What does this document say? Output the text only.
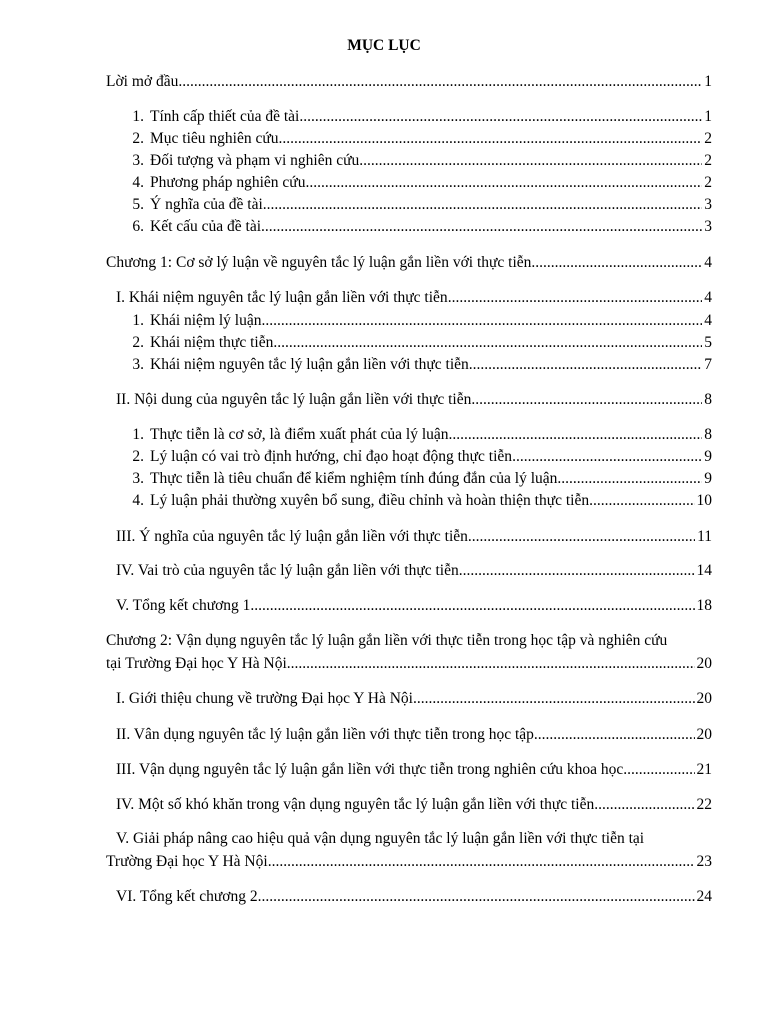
MỤC LỤC
Lời mở đầu .....	1
1. Tính cấp thiết của đề tài .....	1
2. Mục tiêu nghiên cứu .....	2
3. Đối tượng và phạm vi nghiên cứu .....	2
4. Phương pháp nghiên cứu .....	2
5. Ý nghĩa của đề tài .....	3
6. Kết cấu của đề tài .....	3
Chương 1: Cơ sở lý luận về nguyên tắc lý luận gắn liền với thực tiễn .....	4
I. Khái niệm nguyên tắc lý luận gắn liền với thực tiễn .....	4
1. Khái niệm lý luận .....	4
2. Khái niệm thực tiễn .....	5
3. Khái niệm nguyên tắc lý luận gắn liền với thực tiễn .....	7
II. Nội dung của nguyên tắc lý luận gắn liền với thực tiễn .....	8
1. Thực tiễn là cơ sở, là điểm xuất phát của lý luận .....	8
2. Lý luận có vai trò định hướng, chỉ đạo hoạt động thực tiễn .....	9
3. Thực tiễn là tiêu chuẩn để kiểm nghiệm tính đúng đắn của lý luận .....	9
4. Lý luận phải thường xuyên bổ sung, điều chỉnh và hoàn thiện thực tiễn .....	10
III. Ý nghĩa của nguyên tắc lý luận gắn liền với thực tiễn .....	11
IV. Vai trò của nguyên tắc lý luận gắn liền với thực tiễn .....	14
V. Tổng kết chương 1 .....	18
Chương 2: Vận dụng nguyên tắc lý luận gắn liền với thực tiễn trong học tập và nghiên cứu
tại Trường Đại học Y Hà Nội .....	20
I. Giới thiệu chung về trường Đại học Y Hà Nội .....	20
II. Vân dụng nguyên tắc lý luận gắn liền với thực tiễn trong học tập .....	20
III. Vận dụng nguyên tắc lý luận gắn liền với thực tiễn trong nghiên cứu khoa học .....	21
IV. Một số khó khăn trong vận dụng nguyên tắc lý luận gắn liền với thực tiễn .....	22
V. Giải pháp nâng cao hiệu quả vận dụng nguyên tắc lý luận gắn liền với thực tiễn tại
Trường Đại học Y Hà Nội .....	23
VI. Tổng kết chương 2 .....	24
